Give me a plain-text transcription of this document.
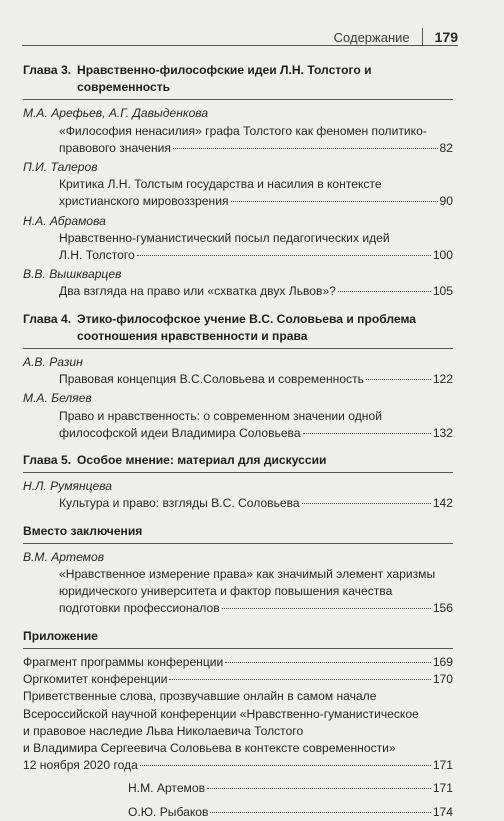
Содержание 179
Глава 3. Нравственно-философские идеи Л.Н. Толстого и современность
М.А. Арефьев, А.Г. Давыденкова
«Философия ненасилия» графа Толстого как феномен политико-
правового значения	82
П.И. Талеров
Критика Л.Н. Толстым государства и насилия в контексте
христианского мировоззрения	90
Н.А. Абрамова
Нравственно-гуманистический посыл педагогических идей
Л.Н. Толстого	100
В.В. Вышкварцев
Два взгляда на право или «схватка двух Львов»?	105
Глава 4. Этико-философское учение В.С. Соловьева и проблема соотношения нравственности и права
А.В. Разин
Правовая концепция В.С.Соловьева и современность	122
М.А. Беляев
Право и нравственность: о современном значении одной
философской идеи Владимира Соловьева	132
Глава 5. Особое мнение: материал для дискуссии
Н.Л. Румянцева
Культура и право: взгляды В.С. Соловьева	142
Вместо заключения
В.М. Артемов
«Нравственное измерение права» как значимый элемент харизмы
юридического университета и фактор повышения качества
подготовки профессионалов	156
Приложение
Фрагмент программы конференции	169
Оргкомитет конференции	170
Приветственные слова, прозвучавшие онлайн в самом начале
Всероссийской научной конференции «Нравственно-гуманистическое
и правовое наследие Льва Николаевича Толстого
и Владимира Сергеевича Соловьева в контексте современности»
12 ноября 2020 года	171
Н.М. Артемов	171
О.Ю. Рыбаков	174
